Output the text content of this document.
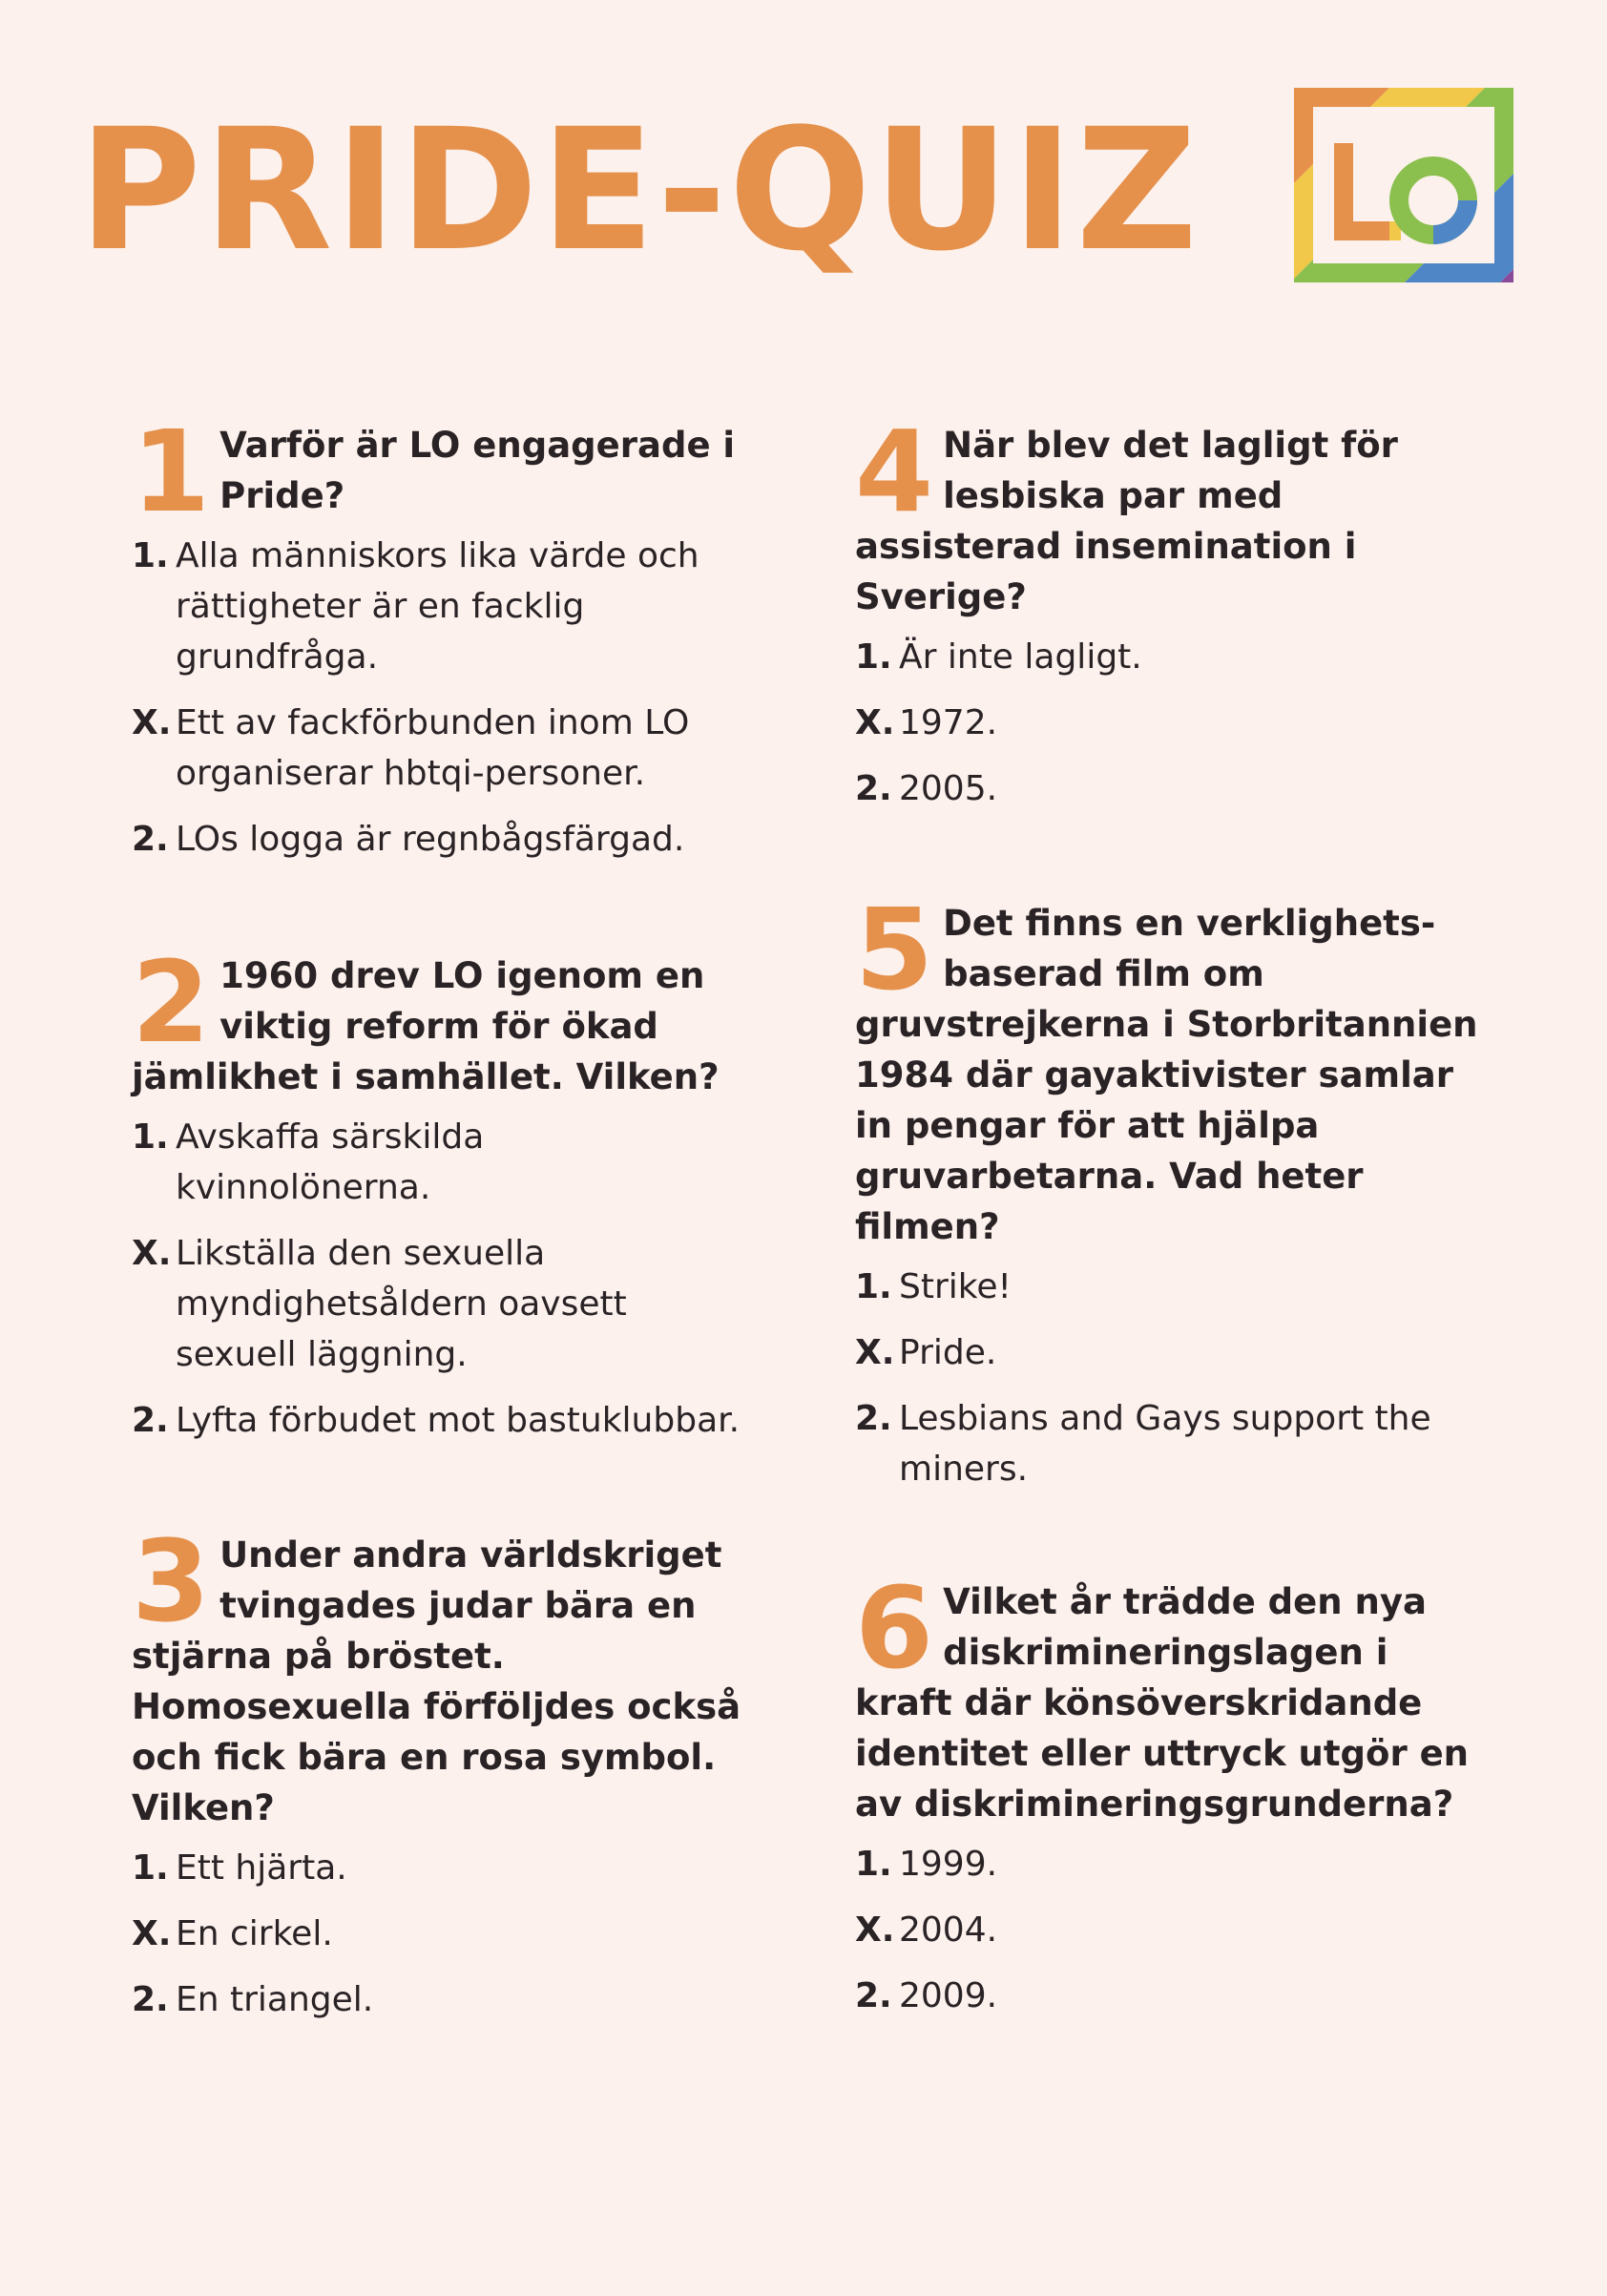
PRIDE-QUIZ
1 Varför är LO engagerade i Pride?
1. Alla människors lika värde och rättigheter är en facklig grundfråga.
X. Ett av fackförbunden inom LO organiserar hbtqi-personer.
2. LOs logga är regnbågsfärgad.
2 1960 drev LO igenom en viktig reform för ökad jämlikhet i samhället. Vilken?
1. Avskaffa särskilda kvinnolönerna.
X. Likställa den sexuella myndighetsåldern oavsett sexuell läggning.
2. Lyfta förbudet mot bastuklubbar.
3 Under andra världskriget tvingades judar bära en stjärna på bröstet. Homosexuella förföljdes också och fick bära en rosa symbol. Vilken?
1. Ett hjärta.
X. En cirkel.
2. En triangel.
4 När blev det lagligt för lesbiska par med assisterad insemination i Sverige?
1. Är inte lagligt.
X. 1972.
2. 2005.
5 Det finns en verklighets-baserad film om gruvstrejkerna i Storbritannien 1984 där gayaktivister samlar in pengar för att hjälpa gruvarbetarna. Vad heter filmen?
1. Strike!
X. Pride.
2. Lesbians and Gays support the miners.
6 Vilket år trädde den nya diskrimineringslagen i kraft där könsöverskridande identitet eller uttryck utgör en av diskrimineringsgrunderna?
1. 1999.
X. 2004.
2. 2009.
